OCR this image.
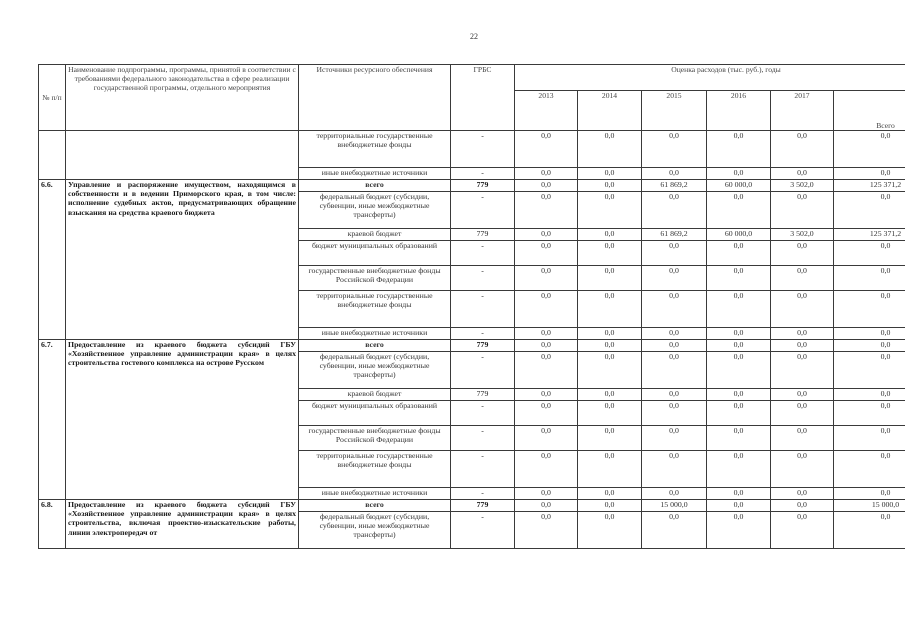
22
№ п/п	Наименование подпрограммы, программы, принятой в соответствии с требованиями федерального законодательства в сфере реализации государственной программы, отдельного мероприятия	Источники ресурсного обеспечения	ГРБС	Оценка расходов (тыс. руб.), годы					
				2013	2014	2015	2016	2017	Всего
		территориальные государственные внебюджетные фонды	-	0,0	0,0	0,0	0,0	0,0	0,0
		иные внебюджетные источники	-	0,0	0,0	0,0	0,0	0,0	0,0
6.6.	Управление и распоряжение имуществом, находящимся в собственности и в ведении Приморского края, в том числе: исполнение судебных актов, предусматривающих обращение взыскания на средства краевого бюджета	всего	779	0,0	0,0	61 869,2	60 000,0	3 502,0	125 371,2
		федеральный бюджет (субсидии, субвенции, иные межбюджетные трансферты)	-	0,0	0,0	0,0	0,0	0,0	0,0
		краевой бюджет	779	0,0	0,0	61 869,2	60 000,0	3 502,0	125 371,2
		бюджет муниципальных образований	-	0,0	0,0	0,0	0,0	0,0	0,0
		государственные внебюджетные фонды Российской Федерации	-	0,0	0,0	0,0	0,0	0,0	0,0
		территориальные государственные внебюджетные фонды	-	0,0	0,0	0,0	0,0	0,0	0,0
		иные внебюджетные источники	-	0,0	0,0	0,0	0,0	0,0	0,0
6.7.	Предоставление из краевого бюджета субсидий ГБУ «Хозяйственное управление администрации края» в целях строительства гостевого комплекса на острове Русском	всего	779	0,0	0,0	0,0	0,0	0,0	0,0
		федеральный бюджет (субсидии, субвенции, иные межбюджетные трансферты)	-	0,0	0,0	0,0	0,0	0,0	0,0
		краевой бюджет	779	0,0	0,0	0,0	0,0	0,0	0,0
		бюджет муниципальных образований	-	0,0	0,0	0,0	0,0	0,0	0,0
		государственные внебюджетные фонды Российской Федерации	-	0,0	0,0	0,0	0,0	0,0	0,0
		территориальные государственные внебюджетные фонды	-	0,0	0,0	0,0	0,0	0,0	0,0
		иные внебюджетные источники	-	0,0	0,0	0,0	0,0	0,0	0,0
6.8.	Предоставление из краевого бюджета субсидий ГБУ «Хозяйственное управление администрации края» в целях строительства, включая проектно-изыскательские работы, линии электропередач от	всего	779	0,0	0,0	15 000,0	0,0	0,0	15 000,0
		федеральный бюджет (субсидии, субвенции, иные межбюджетные трансферты)	-	0,0	0,0	0,0	0,0	0,0	0,0
